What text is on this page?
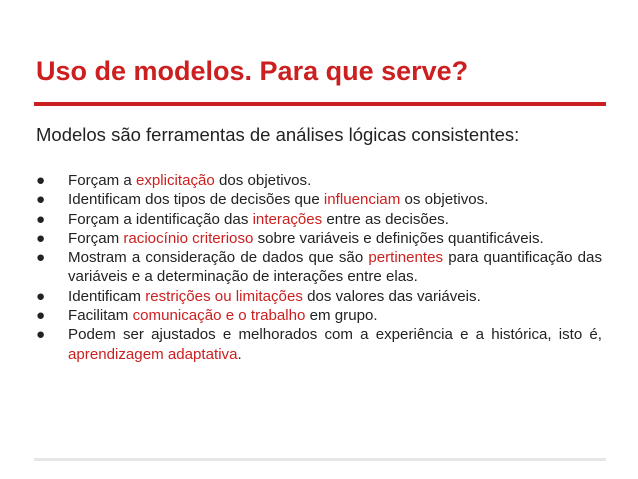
Uso de modelos. Para que serve?

Modelos são ferramentas de análises lógicas consistentes:

●	Forçam a explicitação dos objetivos.
●	Identificam dos tipos de decisões que influenciam os objetivos.
●	Forçam a identificação das interações entre as decisões.
●	Forçam raciocínio criterioso sobre variáveis e definições quantificáveis.
●	Mostram a consideração de dados que são pertinentes para quantificação das variáveis e a determinação de interações entre elas.
●	Identificam restrições ou limitações dos valores das variáveis.
●	Facilitam comunicação e o trabalho em grupo.
●	Podem ser ajustados e melhorados com a experiência e a histórica, isto é, aprendizagem adaptativa.
